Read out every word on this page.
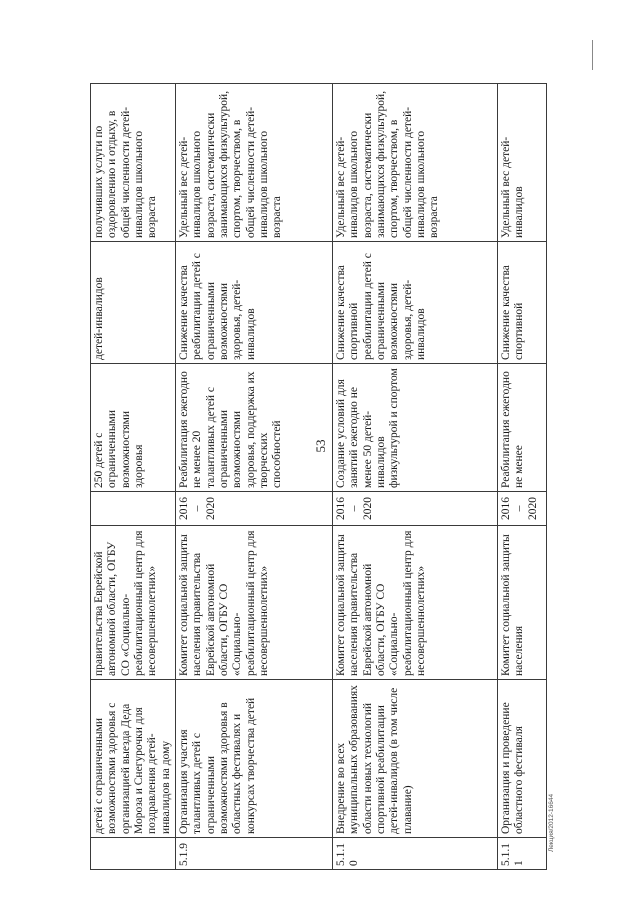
53
	детей с ограниченными возможностями здоровья с организацией выезда Деда Мороза и Снегурочки для поздравления детей-инвалидов на дому	правительства Еврейской автономной области, ОГБУ СО «Социально-реабилитационный центр для несовершеннолетних»		250 детей с ограниченными возможностями здоровья	детей-инвалидов	получивших услуги по оздоровлению и отдыху, в общей численности детей-инвалидов школьного возраста
5.1.9	Организация участия талантливых детей с ограниченными возможностями здоровья в областных фестивалях и конкурсах творчества детей	Комитет социальной защиты населения правительства Еврейской автономной области, ОГБУ СО «Социально-реабилитационный центр для несовершеннолетних»	2016 – 2020	Реабилитация ежегодно не менее 20 талантливых детей с ограниченными возможностями здоровья, поддержка их творческих способностей	Снижение качества реабилитации детей с ограниченными возможностями здоровья, детей-инвалидов	Удельный вес детей-инвалидов школьного возраста, систематически занимающихся физкультурой, спортом, творчеством, в общей численности детей-инвалидов школьного возраста
5.1.10	Внедрение во всех муниципальных образованиях области новых технологий спортивной реабилитации детей-инвалидов (в том числе плавание)	Комитет социальной защиты населения правительства Еврейской автономной области, ОГБУ СО «Социально-реабилитационный центр для несовершеннолетних»	2016 – 2020	Создание условий для занятий ежегодно не менее 50 детей-инвалидов физкультурой и спортом	Снижение качества спортивной реабилитации детей с ограниченными возможностями здоровья, детей-инвалидов	Удельный вес детей-инвалидов школьного возраста, систематически занимающихся физкультурой, спортом, творчеством, в общей численности детей-инвалидов школьного возраста
5.1.11	Организация и проведение областного фестиваля	Комитет социальной защиты населения	2016 – 2020	Реабилитация ежегодно не менее	Снижение качества спортивной	Удельный вес детей-инвалидов
Лекция/2012-16644
